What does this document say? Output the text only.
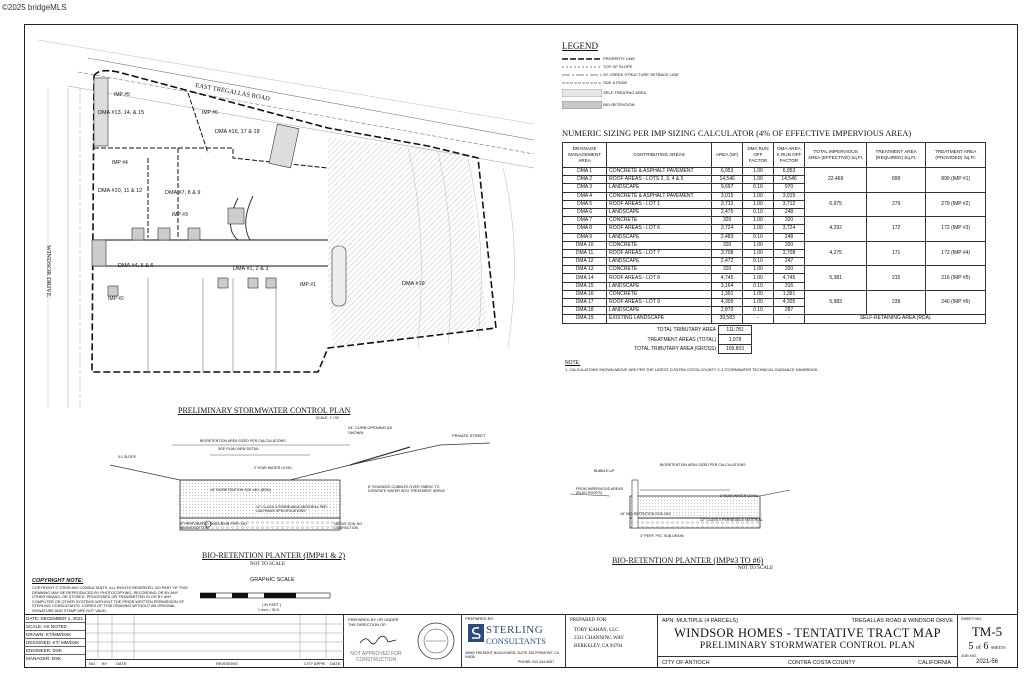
©2025 bridgeMLS
EAST TREGALLAS ROAD
WINDSOR DRIVE
IMP #5
IMP #6
DMA #13, 14, & 15
DMA #16, 17 & 18
IMP #4
DMA #10, 11 & 12	DMA #7, 8 & 9
IMP #3
DMA #4, 5 & 6	DMA #1, 2 & 3
IMP #1
IMP #2
DMA #19
PRELIMINARY STORMWATER CONTROL PLAN
SCALE: 1"=30'
LEGEND
PROPERTY LINE
TOP OF SLOPE
20' CREEK STRUCTURE SETBACK LINE
SDE & PSDE
SELF-TREATING AREA
BIO-RETENTION
NUMERIC SIZING PER IMP SIZING CALCULATOR (4% OF EFFECTIVE IMPERVIOUS AREA)
DRAINAGE MANAGEMENT AREA	CONTRIBUTING AREAS	AREA (SF)	DMA RUN OFF FACTOR	DMA AREA X RUN OFF FACTOR	TOTAL IMPERVIOUS AREA (EFFECTIVE) Sq.Ft.	TREATMENT AREA (REQUIRED) Sq.Ft.	TREATMENT AREA (PROVIDED) Sq.Ft.
DMA 1	CONCRETE & ASPHALT PAVEMENT	6,953	1.00	6,953	22,469	899	899 (IMP #1)
DMA 2	ROOF AREAS - LOTS 2, 3, 4 & 5	14,546	1.00	14,546			
DMA 3	LANDSCAPE	9,697	0.10	970			
DMA 4	CONCRETE & ASPHALT PAVEMENT	3,015	1.00	3,015	6,975	279	279 (IMP #2)
DMA 5	ROOF AREAS - LOT 1	3,712	1.00	3,712			
DMA 6	LANDSCAPE	2,475	0.10	248			
DMA 7	CONCRETE	320	1.00	320	4,292	172	172 (IMP #3)
DMA 8	ROOF AREAS - LOT 6	3,724	1.00	3,724			
DMA 9	LANDSCAPE	2,483	0.10	248			
DMA 10	CONCRETE	320	1.00	320	4,275	171	172 (IMP #4)
DMA 11	ROOF AREAS - LOT 7	3,708	1.00	3,708			
DMA 12	LANDSCAPE	2,472	0.10	247			
DMA 13	CONCRETE	320	1.00	320	5,381	215	216 (IMP #5)
DMA 14	ROOF AREAS - LOT 8	4,745	1.00	4,745			
DMA 15	LANDSCAPE	3,164	0.10	316			
DMA 16	CONCRETE	1,391	1.00	1,391	5,983	239	240 (IMP #6)
DMA 17	ROOF AREAS - LOT 9	4,305	1.00	4,305			
DMA 18	LANDSCAPE	2,870	0.10	287			
DMA 19	EXISTING LANDSCAPE	39,583	-	-	SELF-RETAINING AREA (RDA)		
TOTAL TRIBUTARY AREA	111,781
TREATMENT AREAS (TOTAL)	1,978
TOTAL TRIBUTARY AREA (GROSS)	109,803
NOTE:
1. CALCULATIONS SHOWN ABOVE ARE PER THE LATEST CONTRA COSTA COUNTY C.3 STORMWATER TECHNICAL GUIDANCE HANDBOOK.
24" CURB OPENING AS SHOWN
PRIVATE STREET
BIORETENTION AREA SIZED PER CALCULATIONS
SEE PLAN VIEW DETAIL
3:1 SLOPE
2 YEAR WATER LEVEL
18" BIORETENTION SOIL MIX (BSM)
12" CLASS II PERMEABLE MATERIAL PER CALTRANS SPECIFICATIONS
4" PERFORATED SUB-DRAIN PIPE 0.50' ABOVE BOTTOM
NATIVE SOIL NO COMPACTION
6" ROUNDED COBBLES OVER FABRIC TO DISSIPATE WATER INTO TREATMENT AREAS
BIO-RETENTION PLANTER (IMP#1 & 2)
NOT TO SCALE
BUBBLE-UP
BIORETENTION AREA SIZED PER CALCULATIONS
FROM IMPERVIOUS AREAS (BLDG ROOFS)
2 YEAR WATER LEVEL
18" BIO-RETENTION SOIL MIX
12" CLASS II PERMEABLE MATERIAL
4" PERF. PVC SUB DRAIN
BIO-RETENTION PLANTER (IMP#3 TO #6)
NOT TO SCALE
COPYRIGHT NOTE:
COPYRIGHT © STERLING CONSULTANTS. ALL RIGHTS RESERVED. NO PART OF THIS DRAWING MAY BE REPRODUCED BY PHOTOCOPYING, RECORDING OR BY ANY OTHER MEANS, OR STORED, PROCESSED OR TRANSMITTED IN OR BY ANY COMPUTER OR OTHER SYSTEMS WITHOUT THE PRIOR WRITTEN PERMISSION OF STERLING CONSULTANTS. COPIES OF THIS DRAWING WITHOUT AN ORIGINAL SIGNATURE AND STAMP ARE NOT VALID.
GRAPHIC SCALE
( IN FEET )
1 inch = 30 ft.
DATE: DECEMBER 1, 2021
SCALE: AS NOTED
DRAWN: KT/MM/DSK
DESIGNED: KT/ MM/DSK
ENGINEER: DSK
MANAGER: DSK
NO. BY DATE	REVISIONS	CITY APPR. DATE
PREPARED BY OR UNDER THE DIRECTION OF:
NOT APPROVED FOR CONSTRUCTION
PREPARED BY:
STERLING
CONSULTANTS
46560 FREMONT BOULEVARD, SUITE 205 FREMONT, CA 94538
PHONE: 510-344-6557
PREPARED FOR:
TOBY KAHAN, LLC
2321 CHANNING WAY
BERKELEY, CA 94704
APN: MULTIPLE (4 PARCELS)	TREGALLAS ROAD & WINDSOR DRIVE
WINDSOR HOMES - TENTATIVE TRACT MAP
PRELIMINARY STORMWATER CONTROL PLAN
CITY OF ANTIOCH	CONTRA COSTA COUNTY	CALIFORNIA
SHEET NO.
TM-5
5 of 6 SHEETS
JOB NO.
2021-56
